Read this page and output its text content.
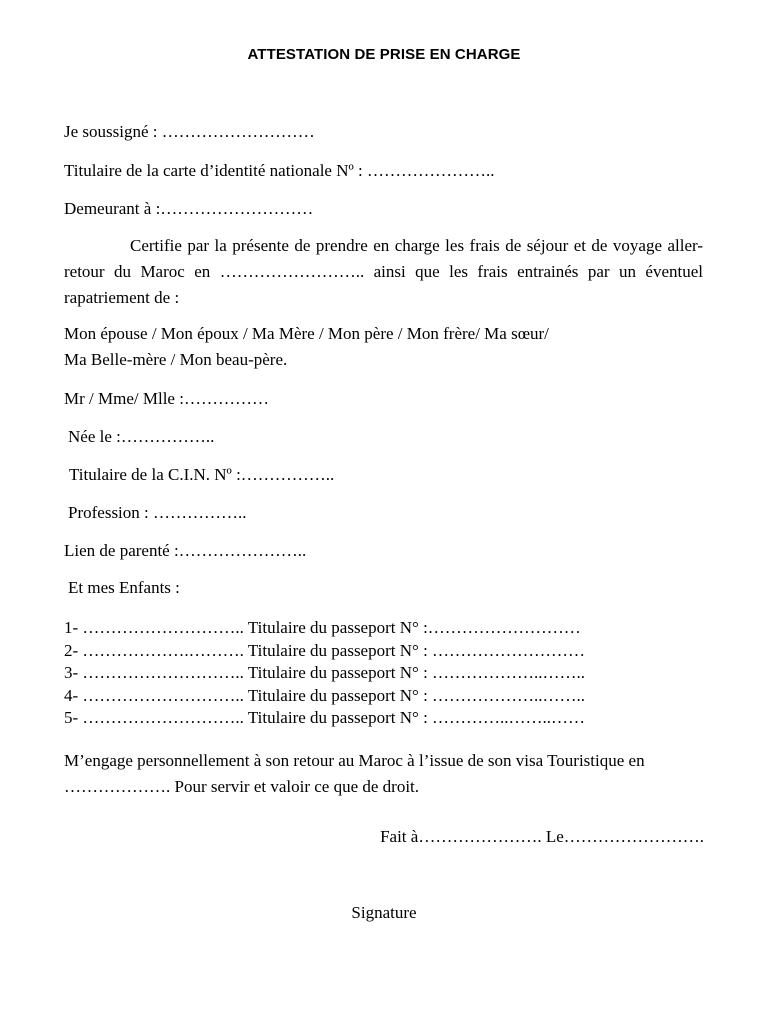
ATTESTATION DE PRISE EN CHARGE
Je soussigné : ………………………
Titulaire de la carte d’identité nationale Nº : …………………..
Demeurant à :………………………
Certifie par la présente de prendre en charge les frais de séjour et de voyage aller-retour du Maroc en …………………….. ainsi que les frais entrainés par un éventuel rapatriement de :
Mon épouse / Mon époux / Ma Mère / Mon père / Mon frère/ Ma sœur/
Ma Belle-mère / Mon beau-père.
Mr / Mme/ Mlle :……………
Née le :……………..
Titulaire de la C.I.N. Nº :……………..
Profession : ……………..
Lien de parenté :…………………..
Et mes Enfants :
1- ……………………….. Titulaire du passeport N° :………………………
2- ……………….………. Titulaire du passeport N° : ………………………
3- ……………………….. Titulaire du passeport N° : ………………..……..
4- ……………………….. Titulaire du passeport N° : ………………..……..
5- ……………………….. Titulaire du passeport N° : …………..……..……
M’engage personnellement à son retour au Maroc à l’issue de son visa Touristique en ………………. Pour servir et valoir ce que de droit.
Fait à…………………. Le…………………….
Signature
